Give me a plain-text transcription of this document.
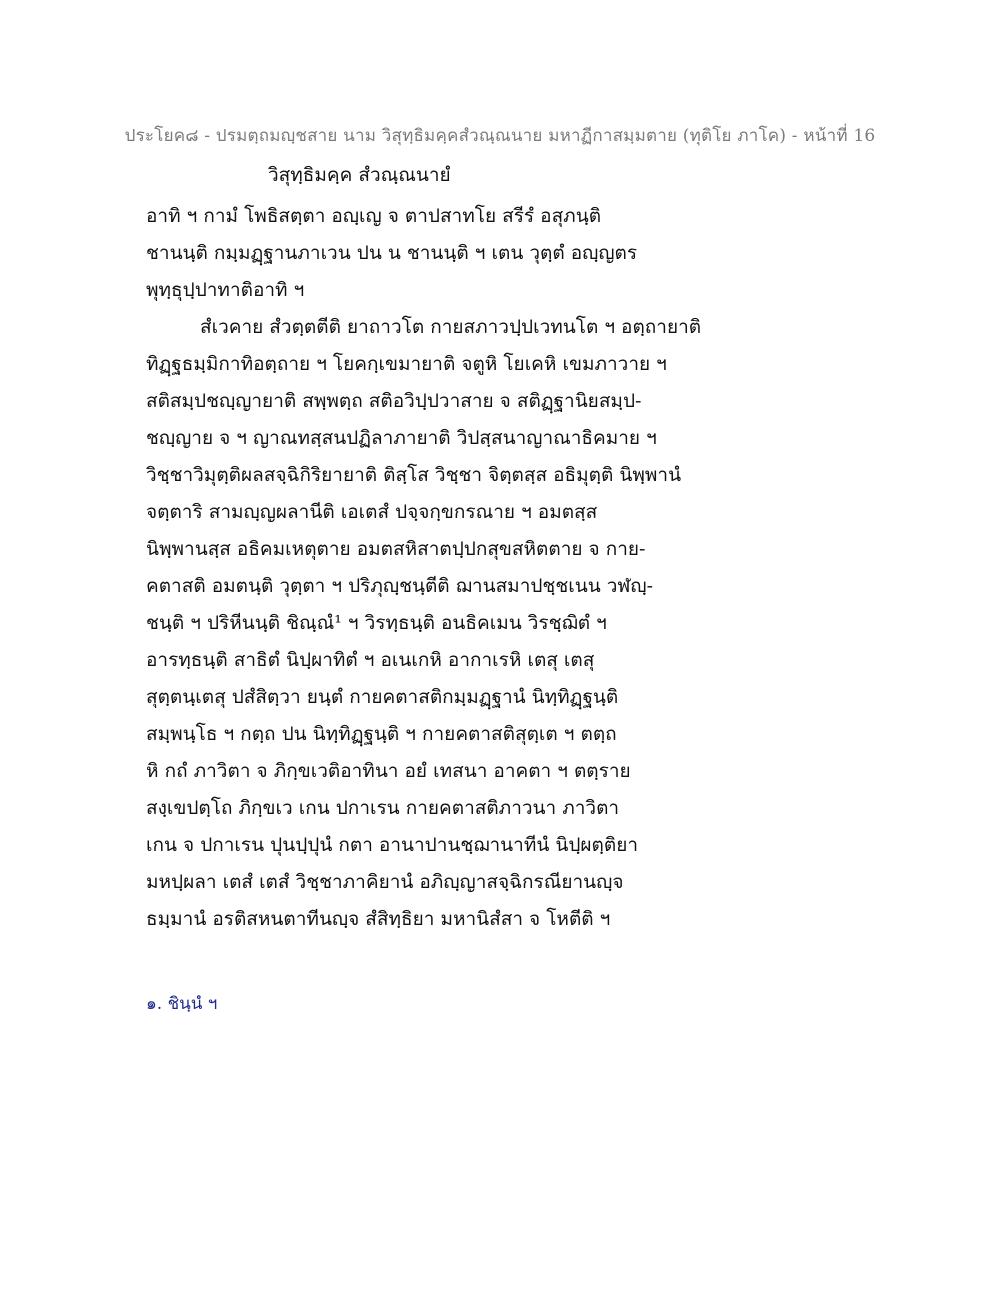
ประโยค๘ - ปรมตฺถมญฺชสาย นาม วิสุทฺธิมคฺคสํวณฺณนาย มหาฏีกาสมฺมตาย (ทุติโย ภาโค) - หน้าที่ 16
วิสุทฺธิมคฺค สํวณฺณนายํ
อาทิ ฯ กามํ โพธิสตฺตา อญฺเญ จ ตาปสาทโย สรีรํ อสุภนฺติ
ชานนฺติ กมฺมฏฺฐานภาเวน ปน น ชานนฺติ ฯ เตน วุตฺตํ อญฺญตร
พุทฺธุปฺปาทาติอาทิ ฯ
สํเวคาย สํวตฺตตีติ ยาถาวโต กายสภาวปฺปเวทนโต ฯ อตฺถายาติ
ทิฏฺฐธมฺมิกาทิอตฺถาย ฯ โยคกฺเขมายาติ จตูหิ โยเคหิ เขมภาวาย ฯ
สติสมฺปชญฺญายาติ สพฺพตฺถ สติอวิปฺปวาสาย จ สติฏฺฐานิยสมฺป-
ชญฺญาย จ ฯ ญาณทสฺสนปฏิลาภายาติ วิปสฺสนาญาณาธิคมาย ฯ
วิชฺชาวิมุตฺติผลสจฺฉิกิริยายาติ ติสฺโส วิชฺชา จิตฺตสฺส อธิมุตฺติ นิพฺพานํ
จตฺตาริ สามญฺญผลานีติ เอเตสํ ปจฺจกฺขกรณาย ฯ อมตสฺส
นิพฺพานสฺส อธิคมเหตุตาย อมตสหิสาตปฺปกสุขสหิตตาย จ กาย-
คตาสติ อมตนฺติ วุตฺตา ฯ ปริภุญฺชนฺตีติ ฌานสมาปชฺชเนน วฬญฺ-
ชนฺติ ฯ ปริหีนนฺติ ชิณฺณํ¹ ฯ วิรทฺธนฺติ อนธิคเมน วิรชฺฌิตํ ฯ
อารทฺธนฺติ สาธิตํ นิปฺผาทิตํ ฯ อเนเกหิ อากาเรหิ เตสุ เตสุ
สุตฺตนฺเตสุ ปสํสิตฺวา ยนฺตํ กายคตาสติกมฺมฏฺฐานํ นิทฺทิฏฺฐนฺติ
สมฺพนฺโธ ฯ กตฺถ ปน นิทฺทิฏฺฐนฺติ ฯ กายคตาสติสุตฺเต ฯ ตตฺถ
หิ กถํ ภาวิตา จ ภิกฺขเวติอาทินา อยํ เทสนา อาคตา ฯ ตตฺราย
สงฺเขปตฺโถ ภิกฺขเว เกน ปกาเรน กายคตาสติภาวนา ภาวิตา
เกน จ ปกาเรน ปุนปฺปุนํ กตา อานาปานชฺฌานาทีนํ นิปฺผตฺติยา
มหปฺผลา เตสํ เตสํ วิชฺชาภาคิยานํ อภิญฺญาสจฺฉิกรณียานญฺจ
ธมฺมานํ อรติสหนตาทีนญฺจ สํสิทฺธิยา มหานิสํสา จ โหตีติ ฯ
๑. ชินฺนํ ฯ
